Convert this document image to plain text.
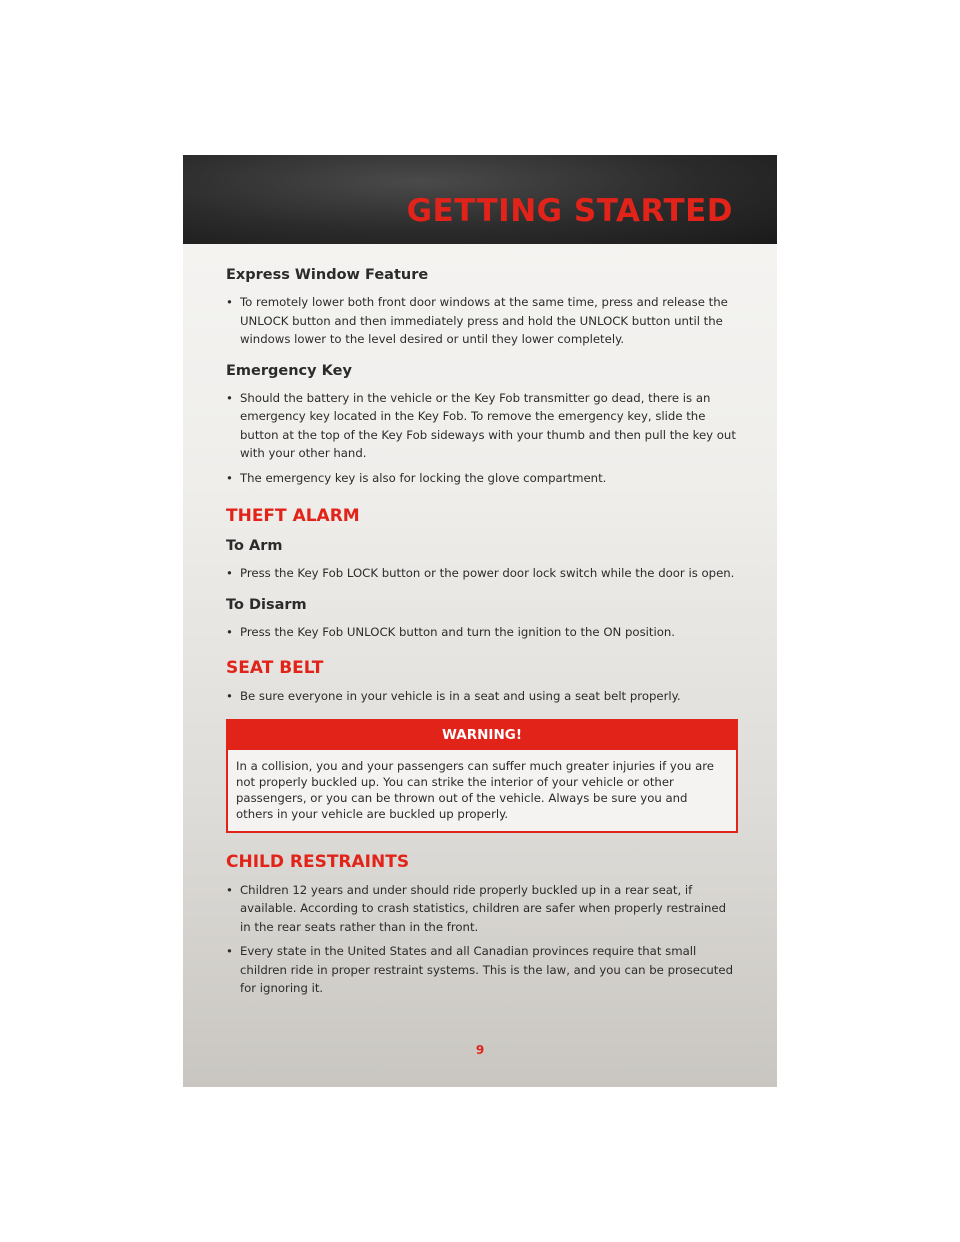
GETTING STARTED
Express Window Feature
• To remotely lower both front door windows at the same time, press and release the UNLOCK button and then immediately press and hold the UNLOCK button until the windows lower to the level desired or until they lower completely.
Emergency Key
• Should the battery in the vehicle or the Key Fob transmitter go dead, there is an emergency key located in the Key Fob. To remove the emergency key, slide the button at the top of the Key Fob sideways with your thumb and then pull the key out with your other hand.
• The emergency key is also for locking the glove compartment.
THEFT ALARM
To Arm
• Press the Key Fob LOCK button or the power door lock switch while the door is open.
To Disarm
• Press the Key Fob UNLOCK button and turn the ignition to the ON position.
SEAT BELT
• Be sure everyone in your vehicle is in a seat and using a seat belt properly.
WARNING!
In a collision, you and your passengers can suffer much greater injuries if you are not properly buckled up. You can strike the interior of your vehicle or other passengers, or you can be thrown out of the vehicle. Always be sure you and others in your vehicle are buckled up properly.
CHILD RESTRAINTS
• Children 12 years and under should ride properly buckled up in a rear seat, if available. According to crash statistics, children are safer when properly restrained in the rear seats rather than in the front.
• Every state in the United States and all Canadian provinces require that small children ride in proper restraint systems. This is the law, and you can be prosecuted for ignoring it.
9
